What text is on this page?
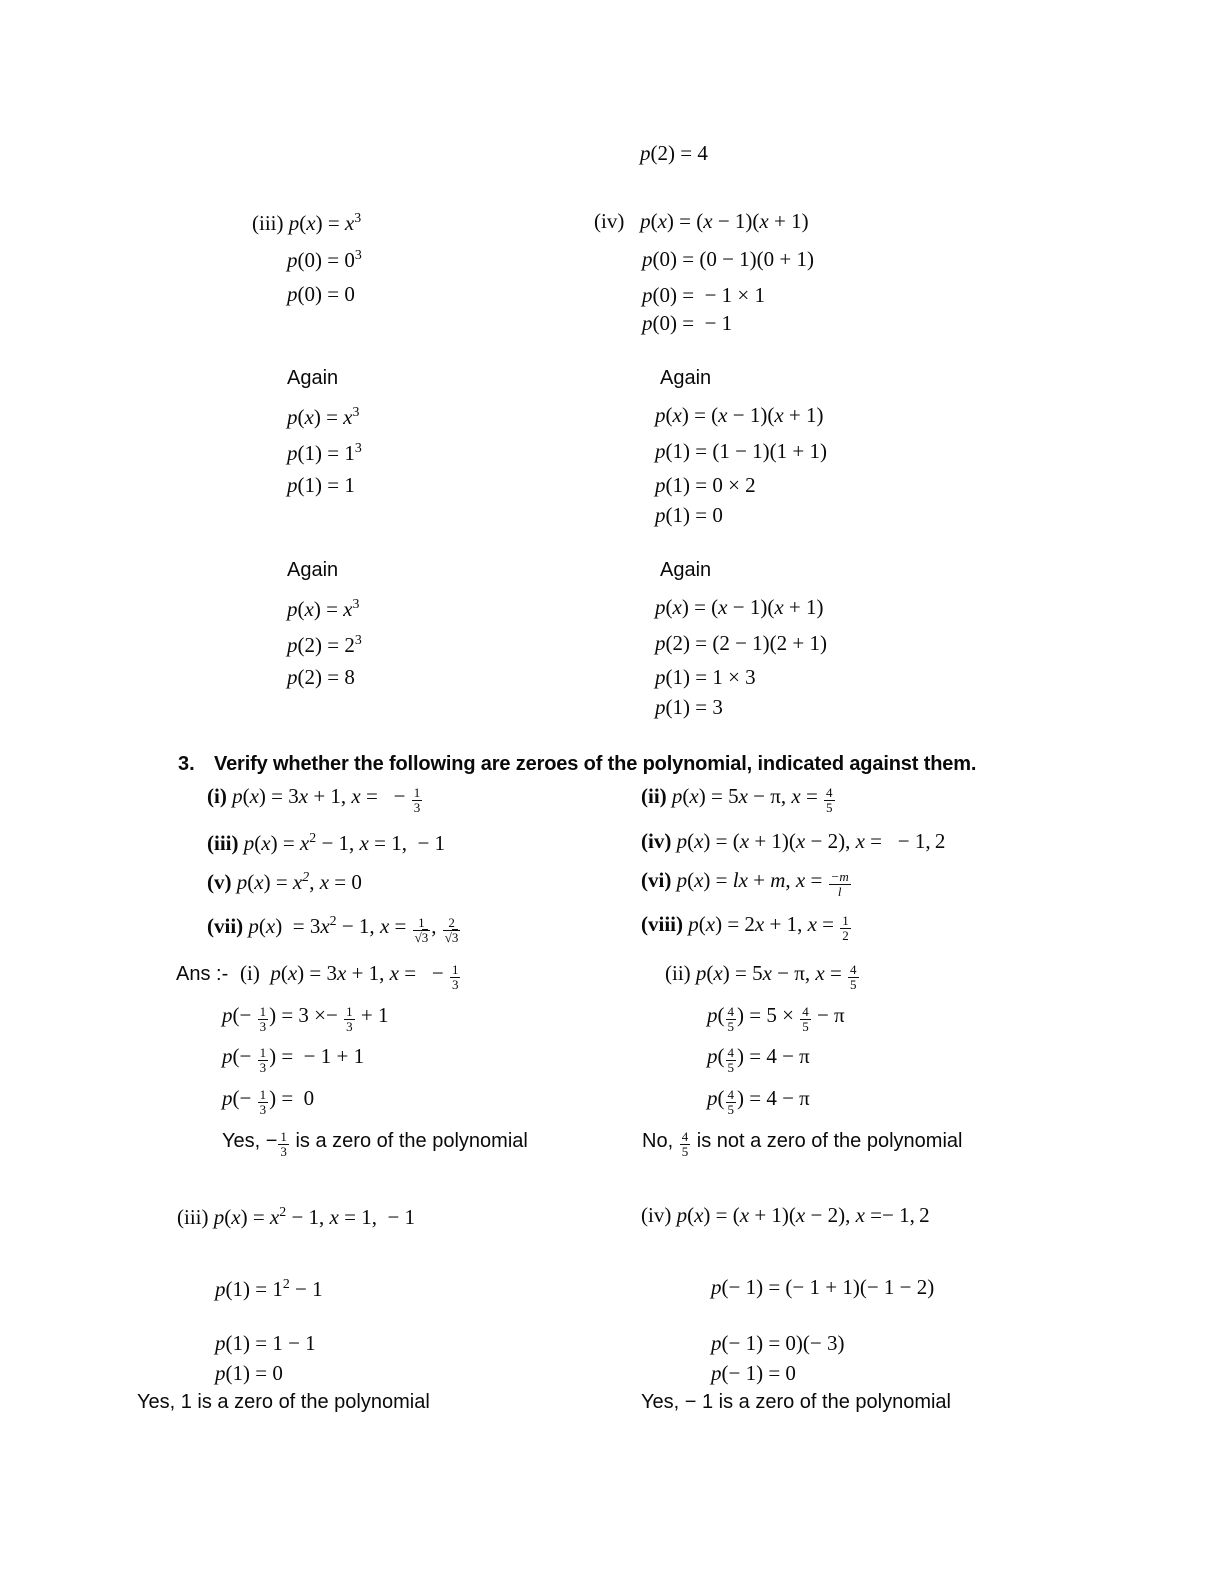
p(2) = 4
(iii) $p(x) = x^3$
$p(0) = 0^3$
p(0) = 0
(iv)   p(x) = (x − 1)(x + 1)
p(0) = (0 − 1)(0 + 1)
p(0) =  − 1 × 1
p(0) =  − 1
Again
$p(x) = x^3$
$p(1) = 1^3$
p(1) = 1
Again
p(x) = (x − 1)(x + 1)
p(1) = (1 − 1)(1 + 1)
p(1) = 0 × 2
p(1) = 0
Again
$p(x) = x^3$
$p(2) = 2^3$
p(2) = 8
Again
p(x) = (x − 1)(x + 1)
p(2) = (2 − 1)(2 + 1)
p(1) = 1 × 3
p(1) = 3
3. Verify whether the following are zeroes of the polynomial, indicated against them.
(i) p(x) = 3x + 1, x =   − $\frac{1}{3}$	(ii) p(x) = 5x − π, $x = \frac{4}{5}$
(iii) $p(x) = x^2 - 1$, x = 1,  − 1	(iv) p(x) = (x + 1)(x − 2), x =   − 1, 2
(v) $p(x) = x^2$, x = 0	(vi) p(x) = lx + m, $x = \frac{-m}{l}$
(vii) $p(x) = 3x^2 - 1$, $x = \frac{1}{√3}$ , $\frac{2}{√3}$	(viii) p(x) = 2x + 1, $x = \frac{1}{2}$
Ans :- (i)  p(x) = 3x + 1, x =   − $\frac{1}{3}$
$p(- \frac{1}{3}$ ) = $3 \times- \frac{1}{3} + 1$
$p(- \frac{1}{3}$ ) =  − 1 + 1
$p(- \frac{1}{3}$ ) =  0
Yes, − $\frac{1}{3}$ is a zero of the polynomial
(ii) p(x) = 5x − π, $x = \frac{4}{5}$
$p( \frac{4}{5}$ ) = $5 \times \frac{4}{5} - \pi$
$p( \frac{4}{5}$ ) = 4 − π
$p( \frac{4}{5}$ ) = 4 − π
No, $\frac{4}{5}$ is not a zero of the polynomial
(iii) $p(x) = x^2 - 1$, x = 1,  − 1
$p(1) = 1^2 - 1$
p(1) = 1 − 1
p(1) = 0
Yes, 1 is a zero of the polynomial
(iv) p(x) = (x + 1)(x − 2), x =− 1, 2
p(− 1) = (− 1 + 1)(− 1 − 2)
p(− 1) = 0)(− 3)
p(− 1) = 0
Yes, − 1 is a zero of the polynomial
